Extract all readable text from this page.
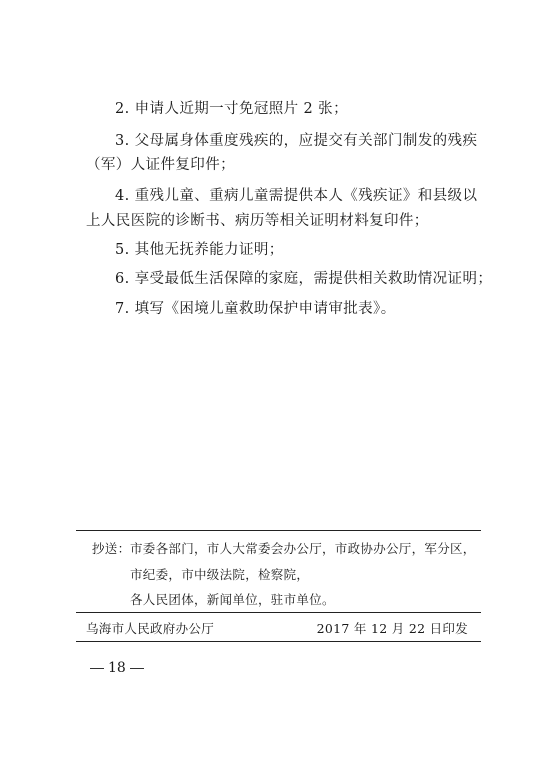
2. 申请人近期一寸免冠照片 2 张；
3. 父母属身体重度残疾的，应提交有关部门制发的残疾
（军）人证件复印件；
4. 重残儿童、重病儿童需提供本人《残疾证》和县级以
上人民医院的诊断书、病历等相关证明材料复印件；
5. 其他无抚养能力证明；
6. 享受最低生活保障的家庭，需提供相关救助情况证明；
7. 填写《困境儿童救助保护申请审批表》。
抄送： 市委各部门，市人大常委会办公厅，市政协办公厅，军分区，
市纪委，市中级法院，检察院，
各人民团体，新闻单位，驻市单位。
乌海市人民政府办公厅	2017 年 12 月 22 日印发
18
